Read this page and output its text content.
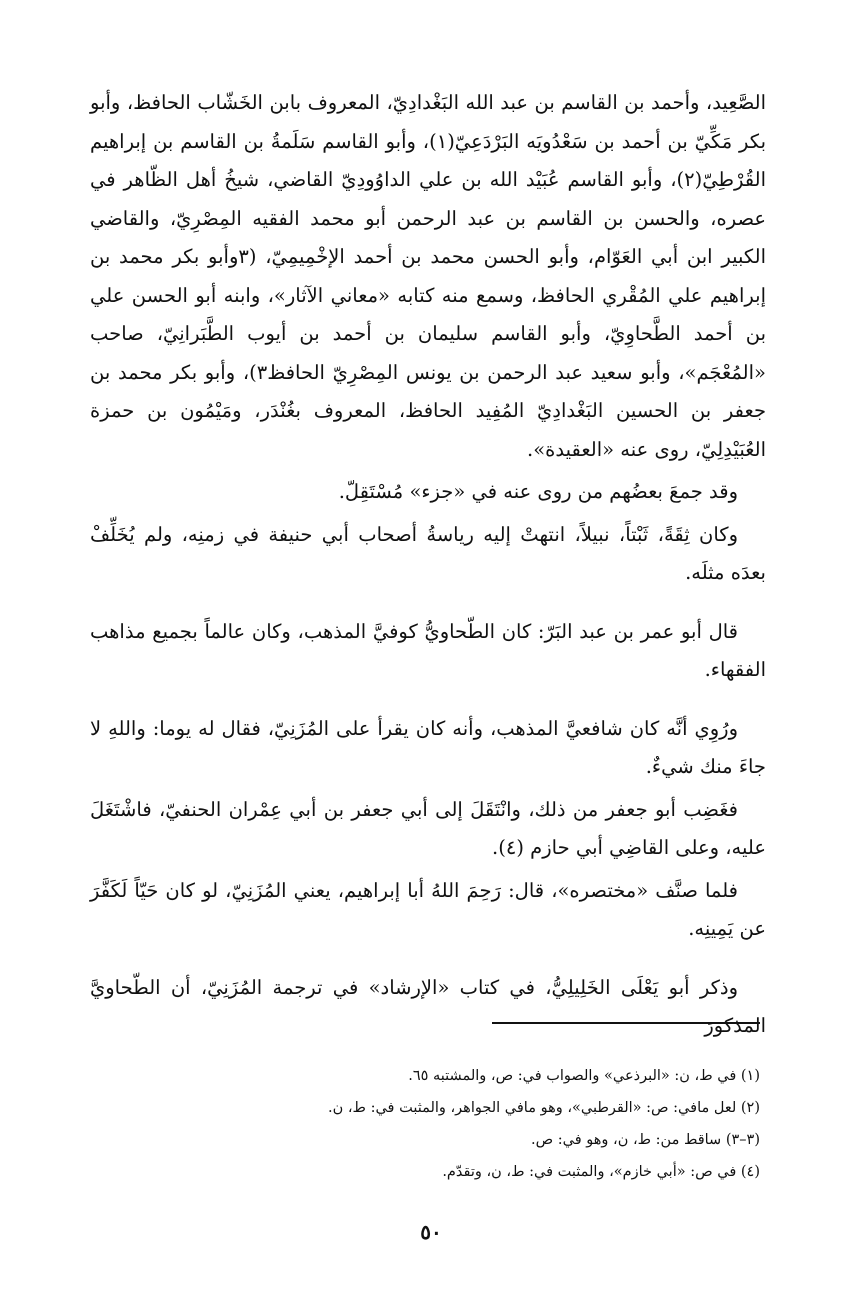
الصَّعِيد، وأحمد بن القاسم بن عبد الله البَغْدادِيّ، المعروف بابن الخَشّاب الحافظ، وأبو بكر مَكِّيّ بن أحمد بن سَعْدُويَه البَرْدَعِيّ(١)، وأبو القاسم سَلَمةُ بن القاسم بن إبراهيم القُرْطِيّ(٢)، وأبو القاسم عُبَيْد الله بن علي الداوُودِيّ القاضي، شيخُ أهل الظّاهر في عصره، والحسن بن القاسم بن عبد الرحمن أبو محمد الفقيه المِصْرِيّ، والقاضي الكبير ابن أبي العَوّام، وأبو الحسن محمد بن أحمد الإخْمِيمِيّ، (٣وأبو بكر محمد بن إبراهيم علي المُقْري الحافظ، وسمع منه كتابه «معاني الآثار»، وابنه أبو الحسن علي بن أحمد الطَّحاوِيّ، وأبو القاسم سليمان بن أحمد بن أيوب الطَّبَرانِيّ، صاحب «المُعْجَم»، وأبو سعيد عبد الرحمن بن يونس المِصْرِيّ الحافظ٣)، وأبو بكر محمد بن جعفر بن الحسين البَغْدادِيّ المُفِيد الحافظ، المعروف بغُنْدَر، ومَيْمُون بن حمزة العُبَيْدِلِيّ، روى عنه «العقيدة».

وقد جمعَ بعضُهم من روى عنه في «جزء» مُسْتَقِلّ.

وكان ثِقَةً، ثَبْتاً، نبيلاً، انتهتْ إليه رياسةُ أصحاب أبي حنيفة في زمنِه، ولم يُخَلِّفْ بعدَه مثلَه.

قال أبو عمر بن عبد البَرّ: كان الطّحاويُّ كوفيَّ المذهب، وكان عالماً بجميع مذاهب الفقهاء.

ورُوِي أنَّه كان شافعيَّ المذهب، وأنه كان يقرأ على المُزَنِيّ، فقال له يوما: واللهِ لا جاءَ منك شيءٌ.

فغَضِب أبو جعفر من ذلك، وانْتَقَلَ إلى أبي جعفر بن أبي عِمْران الحنفيّ، فاشْتَغَلَ عليه، وعلى القاضِي أبي حازم (٤).

فلما صنَّف «مختصره»، قال: رَحِمَ اللهُ أبا إبراهيم، يعني المُزَنِيّ، لو كان حَيّاً لَكَفَّرَ عن يَمِينِه.

وذكر أبو يَعْلَى الخَلِيلِيُّ، في كتاب «الإرشاد» في ترجمة المُزَنِيّ، أن الطّحاويَّ المذكورَ

(١) في ط، ن: «البرذعي» والصواب في: ص، والمشتبه ٦٥.

(٢) لعل مافي: ص: «القرطبي»، وهو مافي الجواهر، والمثبت في: ط، ن.

(٣–٣) ساقط من: ط، ن، وهو في: ص.

(٤) في ص: «أبي خازم»، والمثبت في: ط، ن، وتقدّم.

٥٠
